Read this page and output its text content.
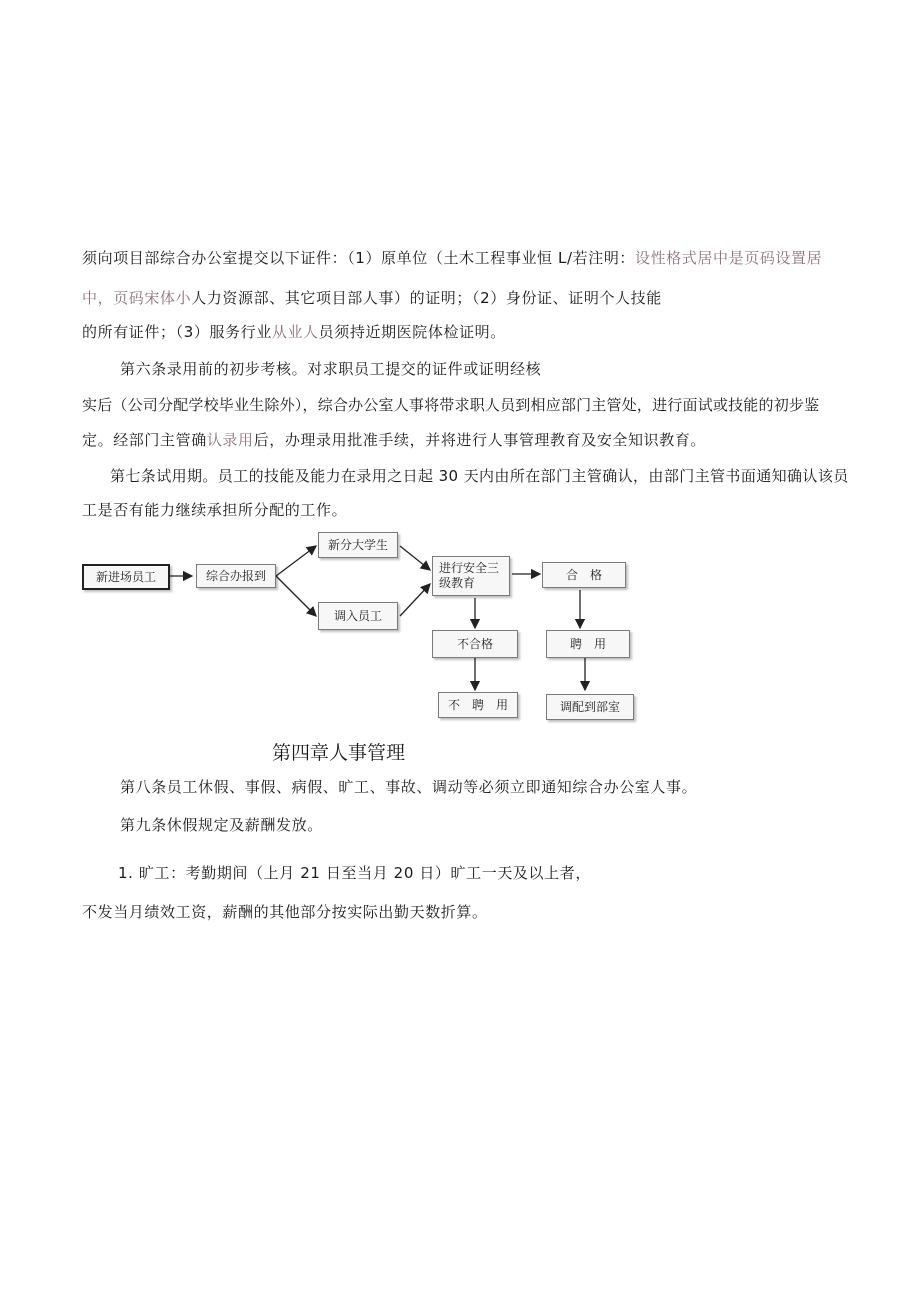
须向项目部综合办公室提交以下证件：（1）原单位（土木工程事业恒 L/若注明：设性格式居中是页码设置居
中，页码宋体小人力资源部、其它项目部人事）的证明；（2）身份证、证明个人技能
的所有证件；（3）服务行业从业人员须持近期医院体检证明。
第六条录用前的初步考核。对求职员工提交的证件或证明经核
实后（公司分配学校毕业生除外），综合办公室人事将带求职人员到相应部门主管处，进行面试或技能的初步鉴
定。经部门主管确认录用后，办理录用批准手续，并将进行人事管理教育及安全知识教育。
第七条试用期。员工的技能及能力在录用之日起 30 天内由所在部门主管确认，由部门主管书面通知确认该员
工是否有能力继续承担所分配的工作。
新进场员工	综合办报到
新分大学生
调入员工
进行安全三级教育
合　格
不合格	聘　用
不　聘　用	调配到部室
第四章人事管理
第八条员工休假、事假、病假、旷工、事故、调动等必须立即通知综合办公室人事。
第九条休假规定及薪酬发放。
1. 旷工：考勤期间（上月 21 日至当月 20 日）旷工一天及以上者，
不发当月绩效工资，薪酬的其他部分按实际出勤天数折算。
